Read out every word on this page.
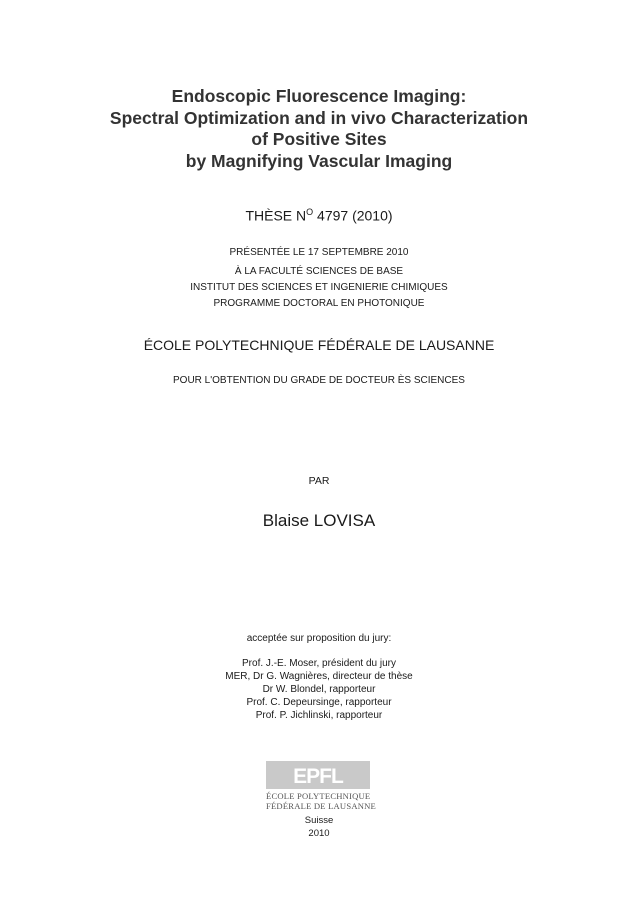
Endoscopic Fluorescence Imaging:
Spectral Optimization and in vivo Characterization
of Positive Sites
by Magnifying Vascular Imaging
THÈSE $N^O$ 4797 (2010)
PRÉSENTÉE LE 17 SEPTEMBRE 2010
À LA FACULTÉ SCIENCES DE BASE
INSTITUT DES SCIENCES ET INGENIERIE CHIMIQUES
PROGRAMME DOCTORAL EN PHOTONIQUE
ÉCOLE POLYTECHNIQUE FÉDÉRALE DE LAUSANNE
POUR L'OBTENTION DU GRADE DE DOCTEUR ÈS SCIENCES
PAR
Blaise LOVISA
acceptée sur proposition du jury:
Prof. J.-E. Moser, président du jury
MER, Dr G. Wagnières, directeur de thèse
Dr W. Blondel, rapporteur
Prof. C. Depeursinge, rapporteur
Prof. P. Jichlinski, rapporteur
EPFL
ÉCOLE POLYTECHNIQUE
FÉDÉRALE DE LAUSANNE
Suisse
2010
